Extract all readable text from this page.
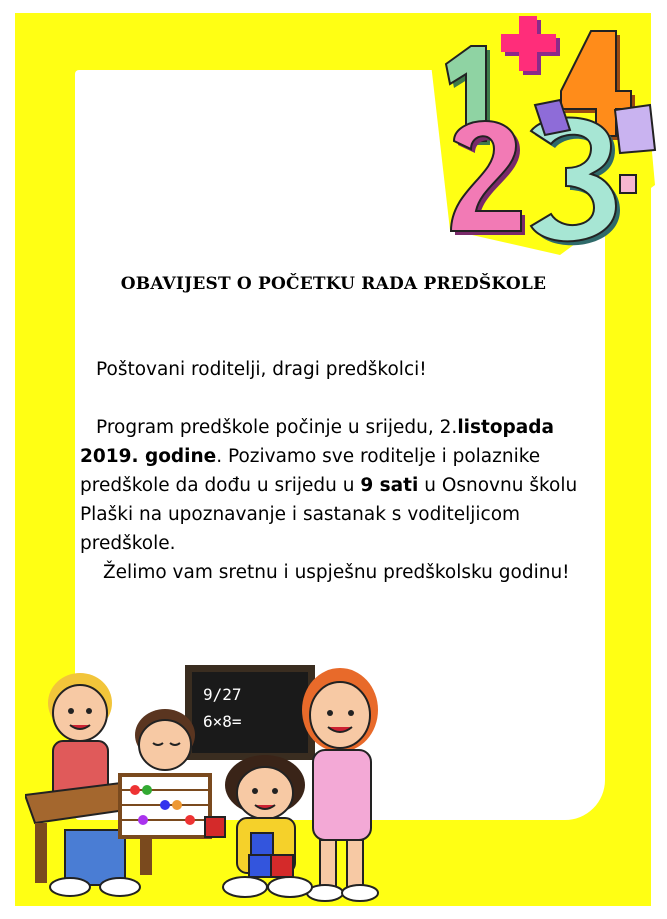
OBAVIJEST O POČETKU RADA PREDŠKOLE

Poštovani roditelji, dragi predškolci!

Program predškole počinje u srijedu, 2.listopada 2019. godine. Pozivamo sve roditelje i polaznike predškole da dođu u srijedu u 9 sati u Osnovnu školu Plaški na upoznavanje i sastanak s voditeljicom predškole.

Želimo vam sretnu i uspješnu predškolsku godinu!

9/27
6×8=
